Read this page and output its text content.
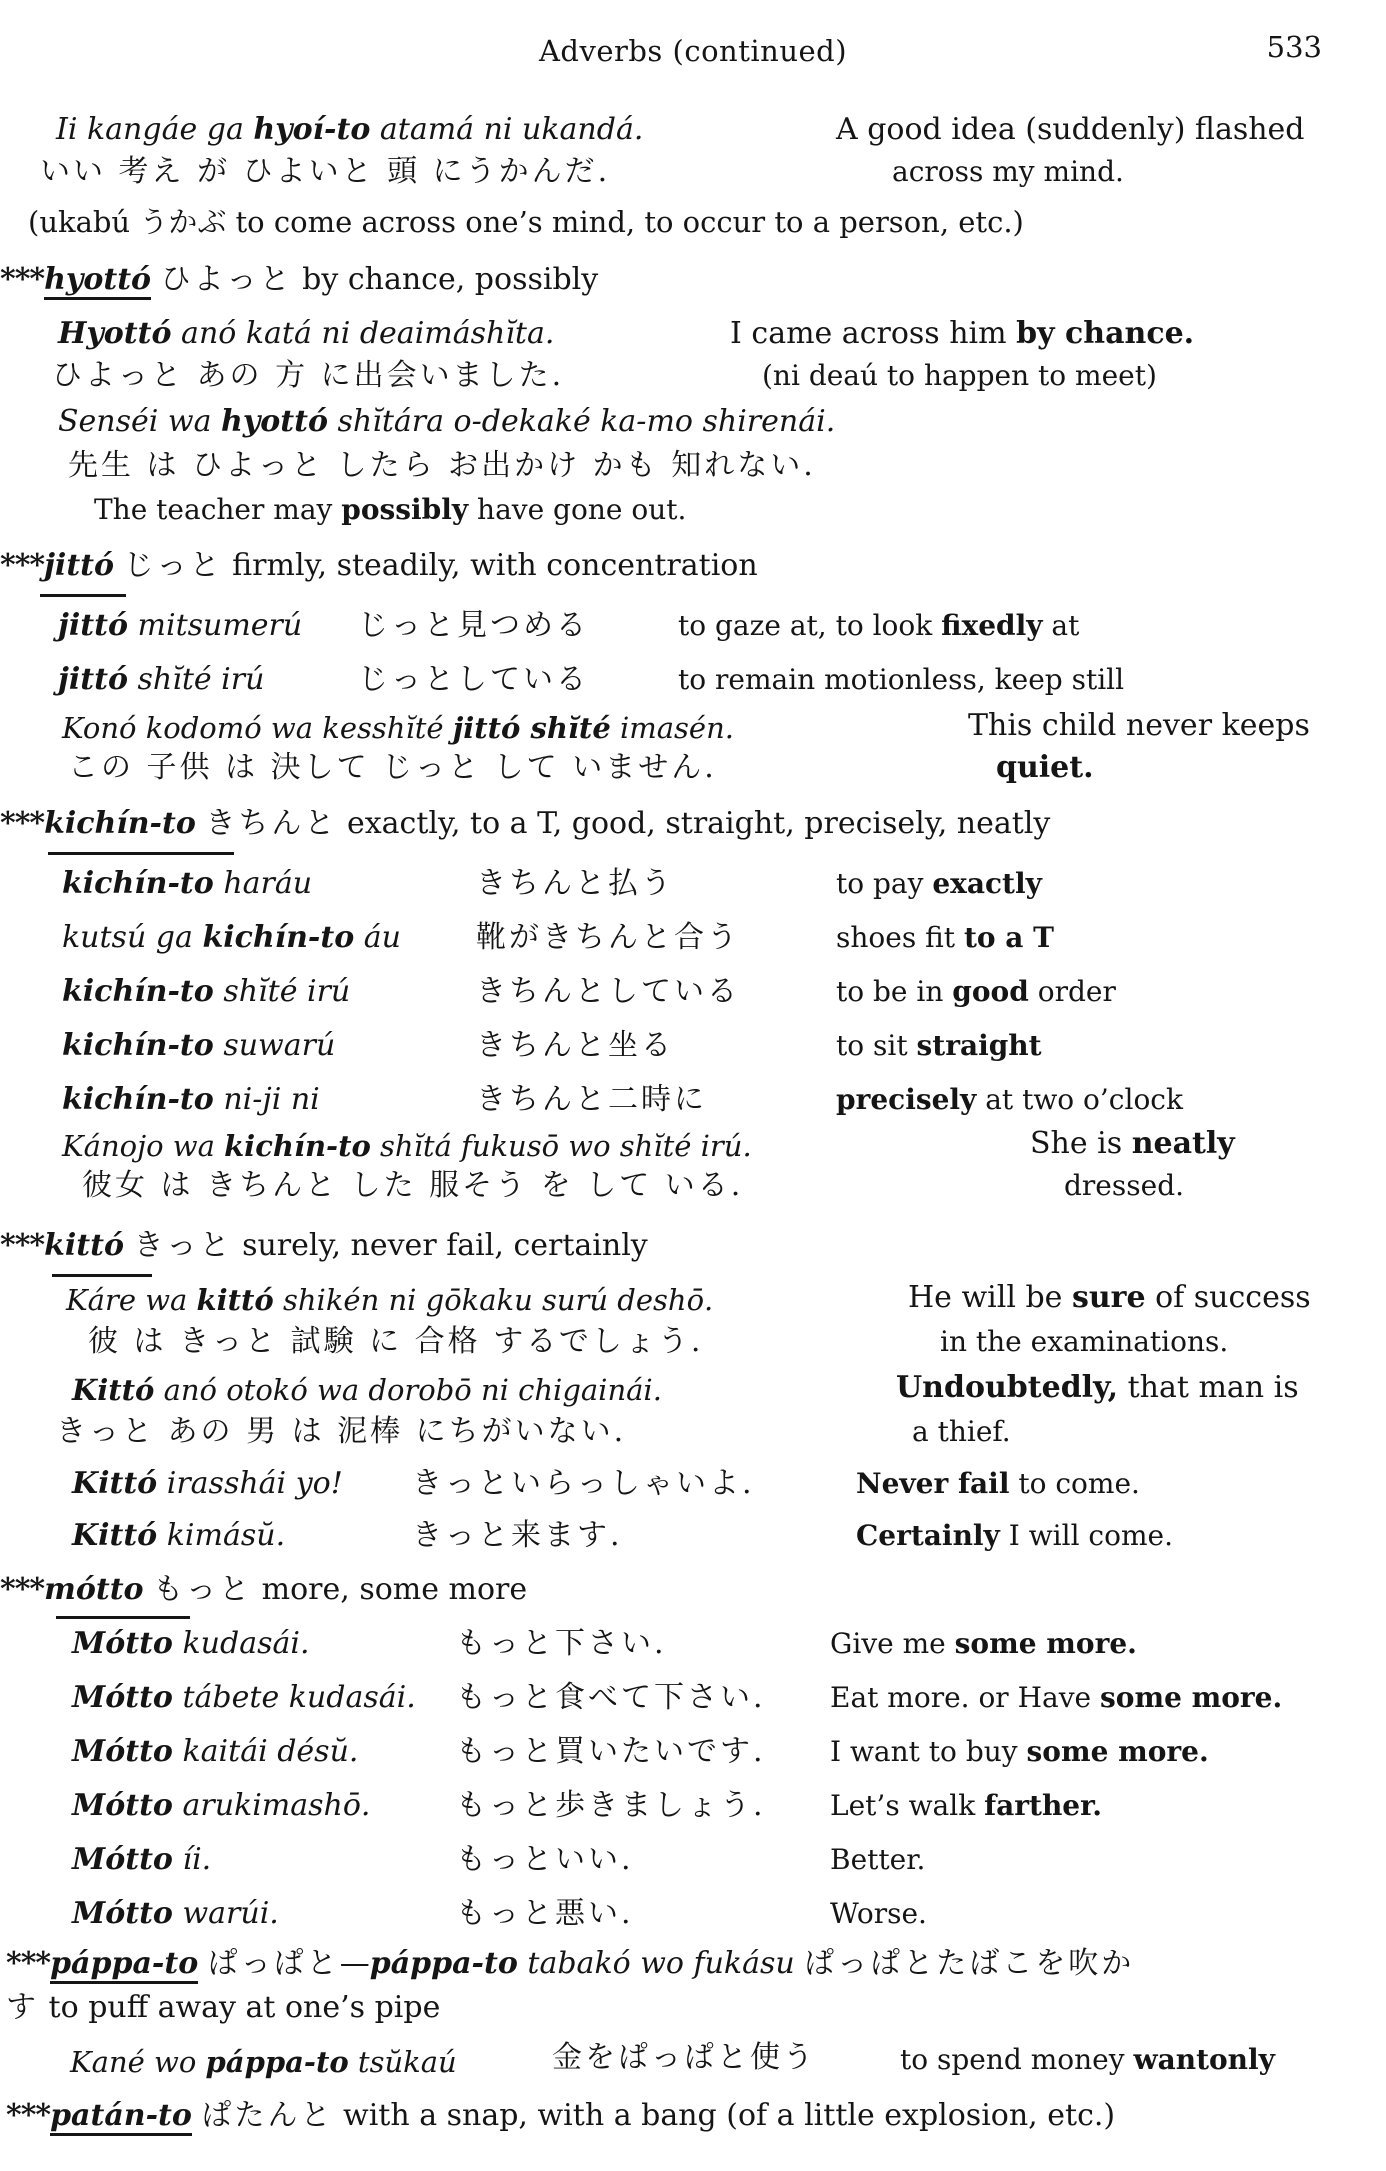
Adverbs (continued)	533
Ii kangáe ga hyoí-to atamá ni ukandá.	A good idea (suddenly) flashed
いい 考え が ひよいと 頭 にうかんだ.	across my mind.
(ukabú うかぶ to come across one’s mind, to occur to a person, etc.)
***hyottó ひよっと by chance, possibly
Hyottó anó katá ni deaimáshĭta.	I came across him by chance.
ひよっと あの 方 に出会いました.	(ni deaú to happen to meet)
Senséi wa hyottó shĭtára o-dekaké ka-mo shirenái.
先生 は ひよっと したら お出かけ かも 知れない.
The teacher may possibly have gone out.
***jittó じっと firmly, steadily, with concentration
jittó mitsumerú じっと見つめる	to gaze at, to look fixedly at
jittó shĭté irú	じっとしている	to remain motionless, keep still
Konó kodomó wa kesshĭté jittó shĭté imasén.	This child never keeps
この 子供 は 決して じっと して いません.	quiet.
***kichín-to きちんと exactly, to a T, good, straight, precisely, neatly
kichín-to haráu	きちんと払う	to pay exactly
kutsú ga kichín-to áu	靴がきちんと合う	shoes fit to a T
kichín-to shĭté irú	きちんとしている	to be in good order
kichín-to suwarú	きちんと坐る	to sit straight
kichín-to ni-ji ni	きちんと二時に	precisely at two o’clock
Kánojo wa kichín-to shĭtá fukusō wo shĭté irú.	She is neatly
彼女 は きちんと した 服そう を して いる.	dressed.
***kittó きっと surely, never fail, certainly
Káre wa kittó shikén ni gōkaku surú deshō.	He will be sure of success
彼 は きっと 試験 に 合格 するでしょう.	in the examinations.
Kittó anó otokó wa dorobō ni chigainái.	Undoubtedly, that man is
きっと あの 男 は 泥棒 にちがいない.	a thief.
Kittó irasshái yo! きっといらっしゃいよ.	Never fail to come.
Kittó kimásŭ.	きっと来ます.	Certainly I will come.
***mótto もっと more, some more
Mótto kudasái.	もっと下さい.	Give me some more.
Mótto tábete kudasái. もっと食べて下さい. Eat more. or Have some more.
Mótto kaitái désŭ.	もっと買いたいです. I want to buy some more.
Mótto arukimashō.	もっと歩きましょう. Let’s walk farther.
Mótto íi.	もっといい.	Better.
Mótto warúi.	もっと悪い.	Worse.
***páppa-to ぱっぱと—páppa-to tabakó wo fukásu ぱっぱとたばこを吹か
す to puff away at one’s pipe
Kané wo páppa-to tsŭkaú	金をぱっぱと使う	to spend money wantonly
***patán-to ぱたんと with a snap, with a bang (of a little explosion, etc.)
